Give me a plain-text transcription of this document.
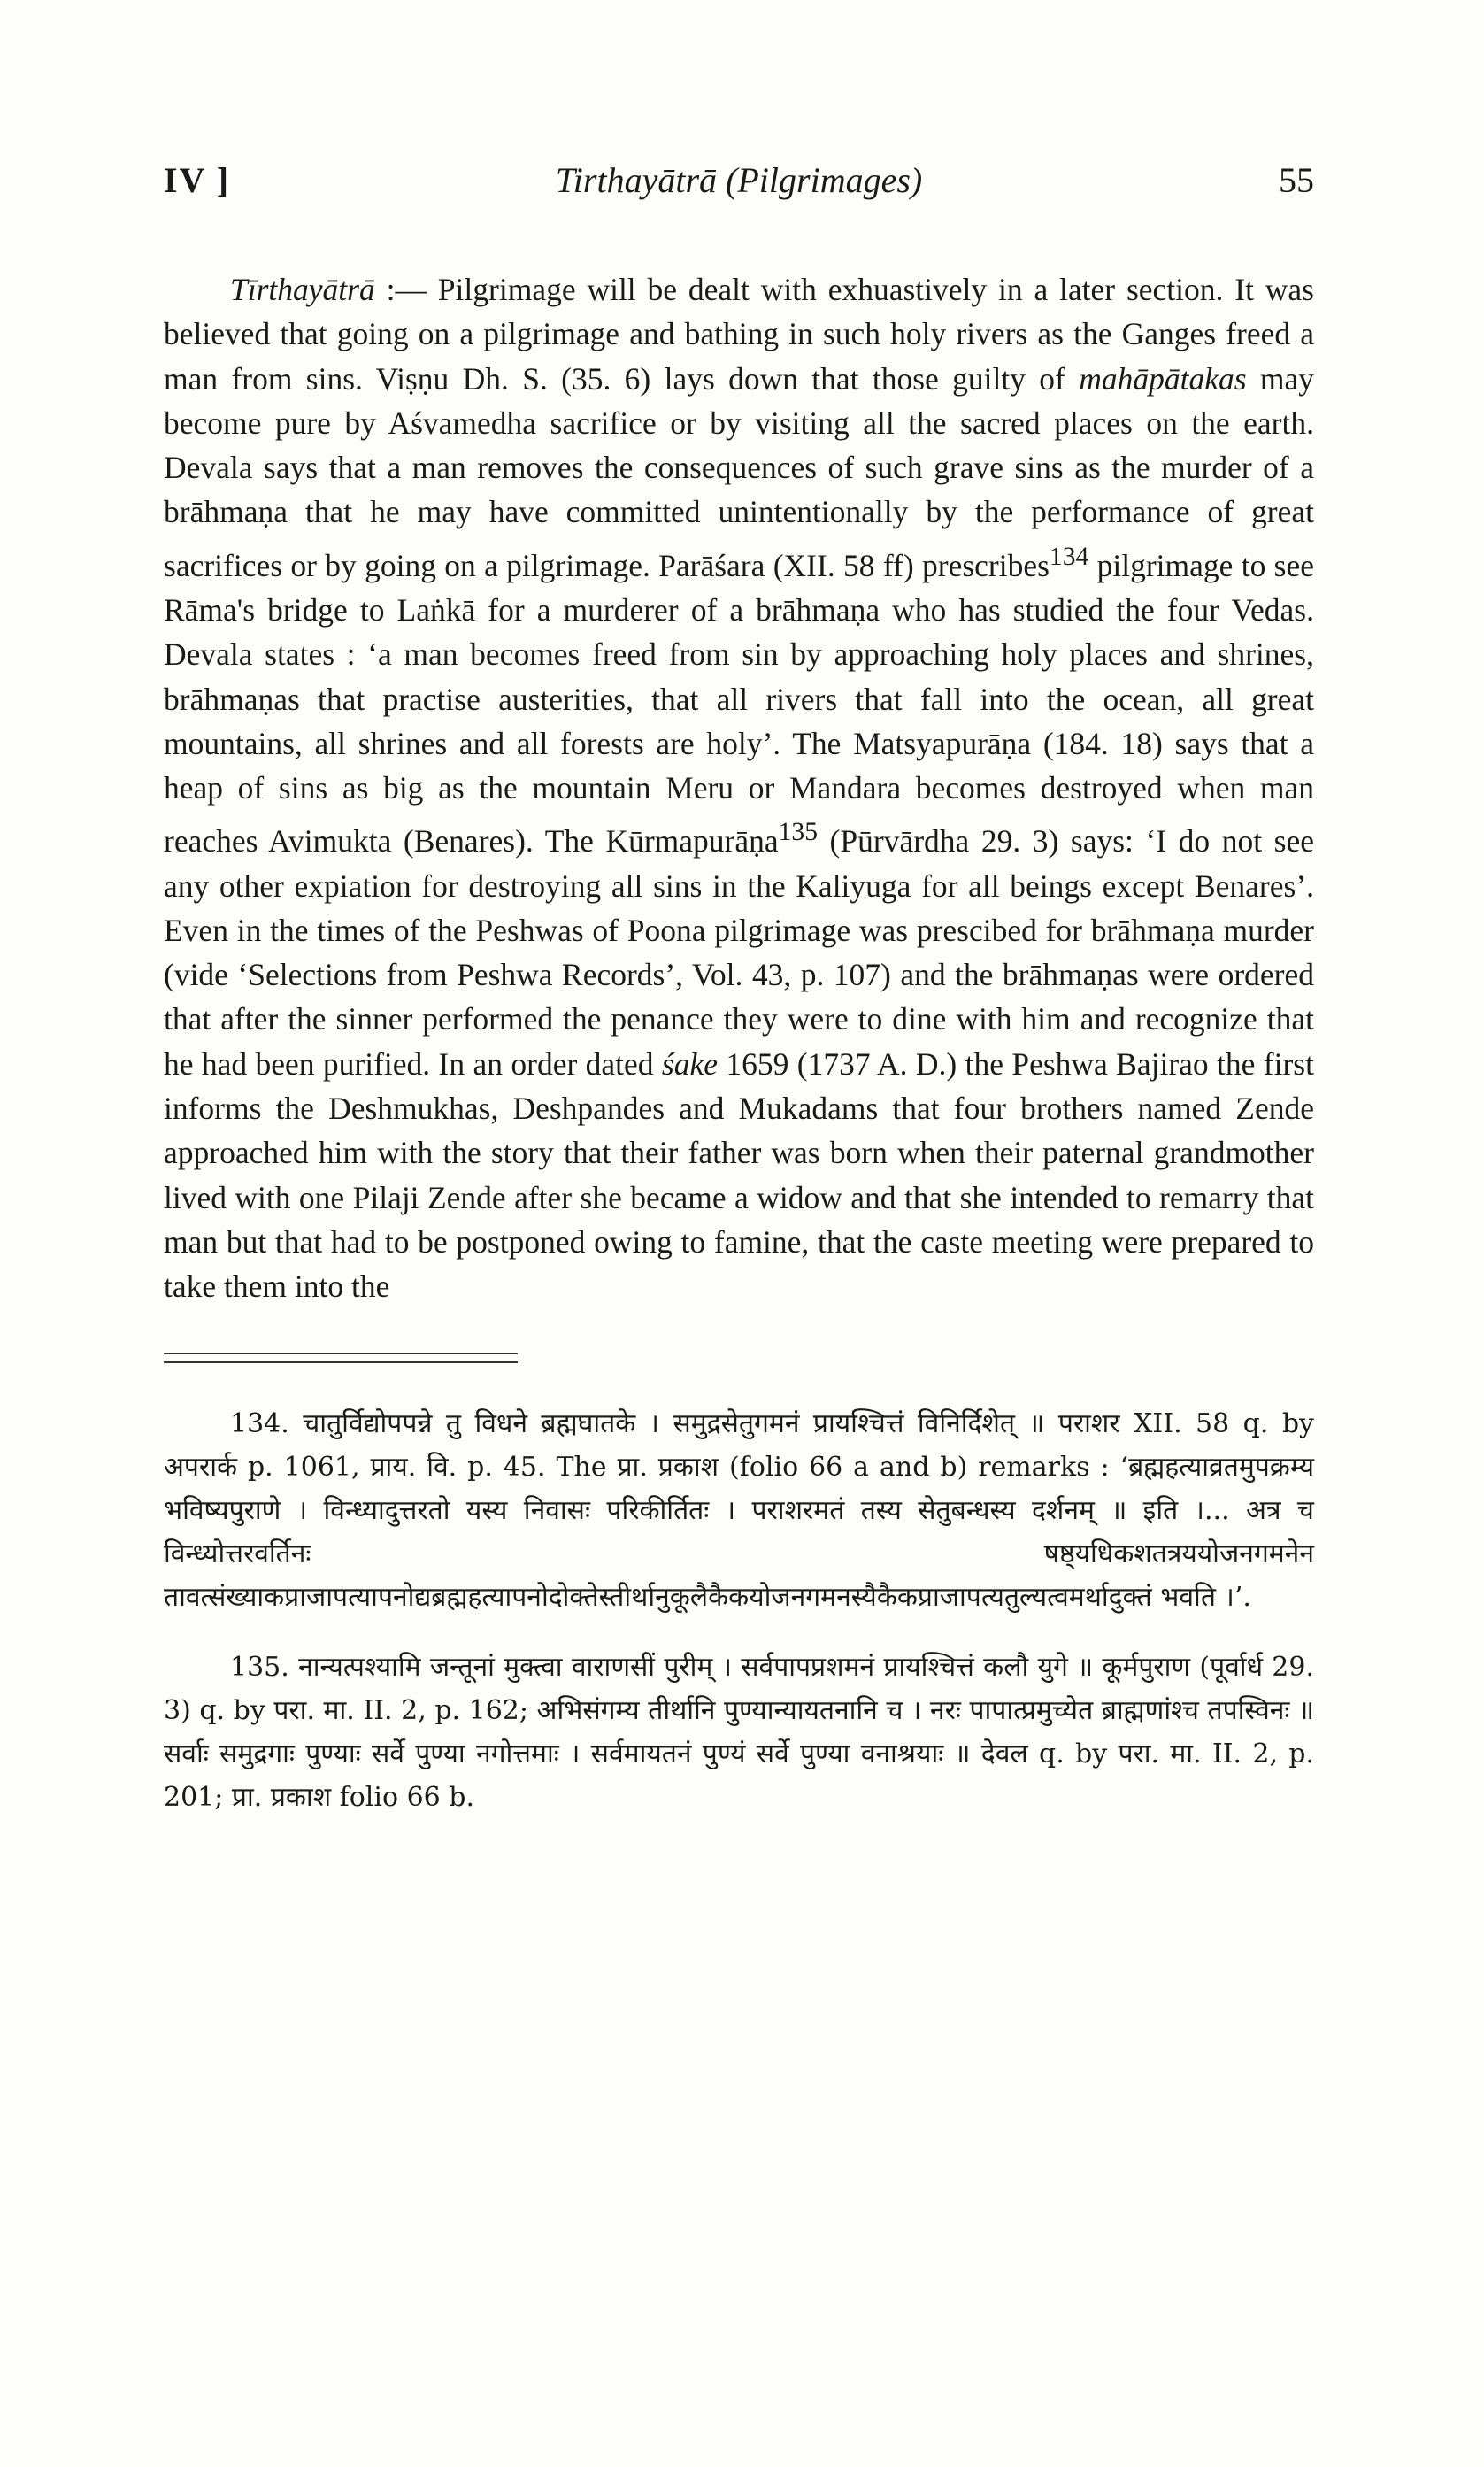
IV ]	Tirthayātrā (Pilgrimages)	55

Tīrthayātrā :— Pilgrimage will be dealt with exhuastively in a later section. It was believed that going on a pilgrimage and bathing in such holy rivers as the Ganges freed a man from sins. Viṣṇu Dh. S. (35. 6) lays down that those guilty of mahāpātakas may become pure by Aśvamedha sacrifice or by visiting all the sacred places on the earth. Devala says that a man removes the consequences of such grave sins as the murder of a brāhmaṇa that he may have committed unintentionally by the performance of great sacrifices or by going on a pilgrimage. Parāśara (XII. 58 ff) prescribes$^{134}$ pilgrimage to see Rāma's bridge to Laṅkā for a murderer of a brāhmaṇa who has studied the four Vedas. Devala states : ‘a man becomes freed from sin by approaching holy places and shrines, brāhmaṇas that practise austerities, that all rivers that fall into the ocean, all great mountains, all shrines and all forests are holy’. The Matsyapurāṇa (184. 18) says that a heap of sins as big as the mountain Meru or Mandara becomes destroyed when man reaches Avimukta (Benares). The Kūrmapurāṇa$^{135}$ (Pūrvārdha 29. 3) says: ‘I do not see any other expiation for destroying all sins in the Kaliyuga for all beings except Benares’. Even in the times of the Peshwas of Poona pilgrimage was prescibed for brāhmaṇa murder (vide ‘Selections from Peshwa Records’, Vol. 43, p. 107) and the brāhmaṇas were ordered that after the sinner performed the penance they were to dine with him and recognize that he had been purified. In an order dated śake 1659 (1737 A. D.) the Peshwa Bajirao the first informs the Deshmukhas, Deshpandes and Mukadams that four brothers named Zende approached him with the story that their father was born when their paternal grandmother lived with one Pilaji Zende after she became a widow and that she intended to remarry that man but that had to be postponed owing to famine, that the caste meeting were prepared to take them into the

134. चातुर्विद्योपपन्ने तु विधने ब्रह्मघातके । समुद्रसेतुगमनं प्रायश्चित्तं विनिर्दिशेत् ॥ पराशर XII. 58 q. by अपरार्क p. 1061, प्राय. वि. p. 45. The प्रा. प्रकाश (folio 66 a and b) remarks : ‘ब्रह्महत्याव्रतमुपक्रम्य भविष्यपुराणे । विन्ध्यादुत्तरतो यस्य निवासः परिकीर्तितः । पराशरमतं तस्य सेतुबन्धस्य दर्शनम् ॥ इति ।... अत्र च विन्ध्योत्तरवर्तिनः षष्ठ्यधिकशतत्रययोजनगमनेन तावत्संख्याकप्राजापत्यापनोद्यब्रह्महत्यापनोदोक्तेस्तीर्थानुकूलैकैकयोजनगमनस्यैकैकप्राजापत्यतुल्यत्वमर्थादुक्तं भवति ।’.

135. नान्यत्पश्यामि जन्तूनां मुक्त्वा वाराणसीं पुरीम् । सर्वपापप्रशमनं प्रायश्चित्तं कलौ युगे ॥ कूर्मपुराण (पूर्वार्ध 29. 3) q. by परा. मा. II. 2, p. 162; अभिसंगम्य तीर्थानि पुण्यान्यायतनानि च । नरः पापात्प्रमुच्येत ब्राह्मणांश्च तपस्विनः ॥ सर्वाः समुद्रगाः पुण्याः सर्वे पुण्या नगोत्तमाः । सर्वमायतनं पुण्यं सर्वे पुण्या वनाश्रयाः ॥ देवल q. by परा. मा. II. 2, p. 201; प्रा. प्रकाश folio 66 b.
